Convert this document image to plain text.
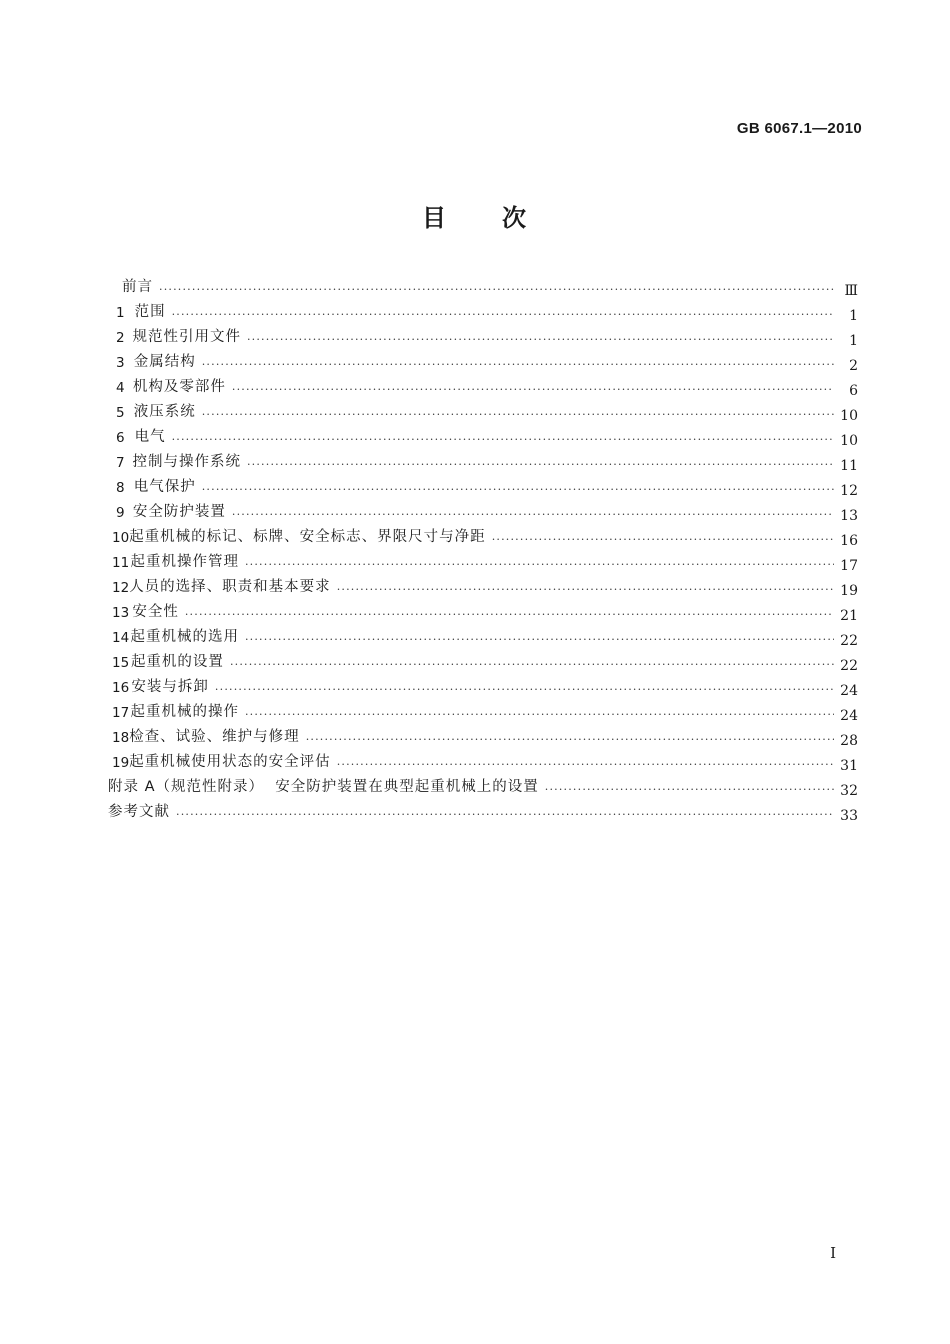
GB 6067.1—2010
目 次
前言 .....	Ⅲ
1 范围 .....	1
2 规范性引用文件 .....	1
3 金属结构 .....	2
4 机构及零部件 .....	6
5 液压系统 .....	10
6 电气 .....	10
7 控制与操作系统 .....	11
8 电气保护 .....	12
9 安全防护装置 .....	13
10 起重机械的标记、标牌、安全标志、界限尺寸与净距 .....	16
11 起重机操作管理 .....	17
12 人员的选择、职责和基本要求 .....	19
13 安全性 .....	21
14 起重机械的选用 .....	22
15 起重机的设置 .....	22
16 安装与拆卸 .....	24
17 起重机械的操作 .....	24
18 检查、试验、维护与修理 .....	28
19 起重机械使用状态的安全评估 .....	31
附录 A（规范性附录）  安全防护装置在典型起重机械上的设置 .....	32
参考文献 .....	33
I
